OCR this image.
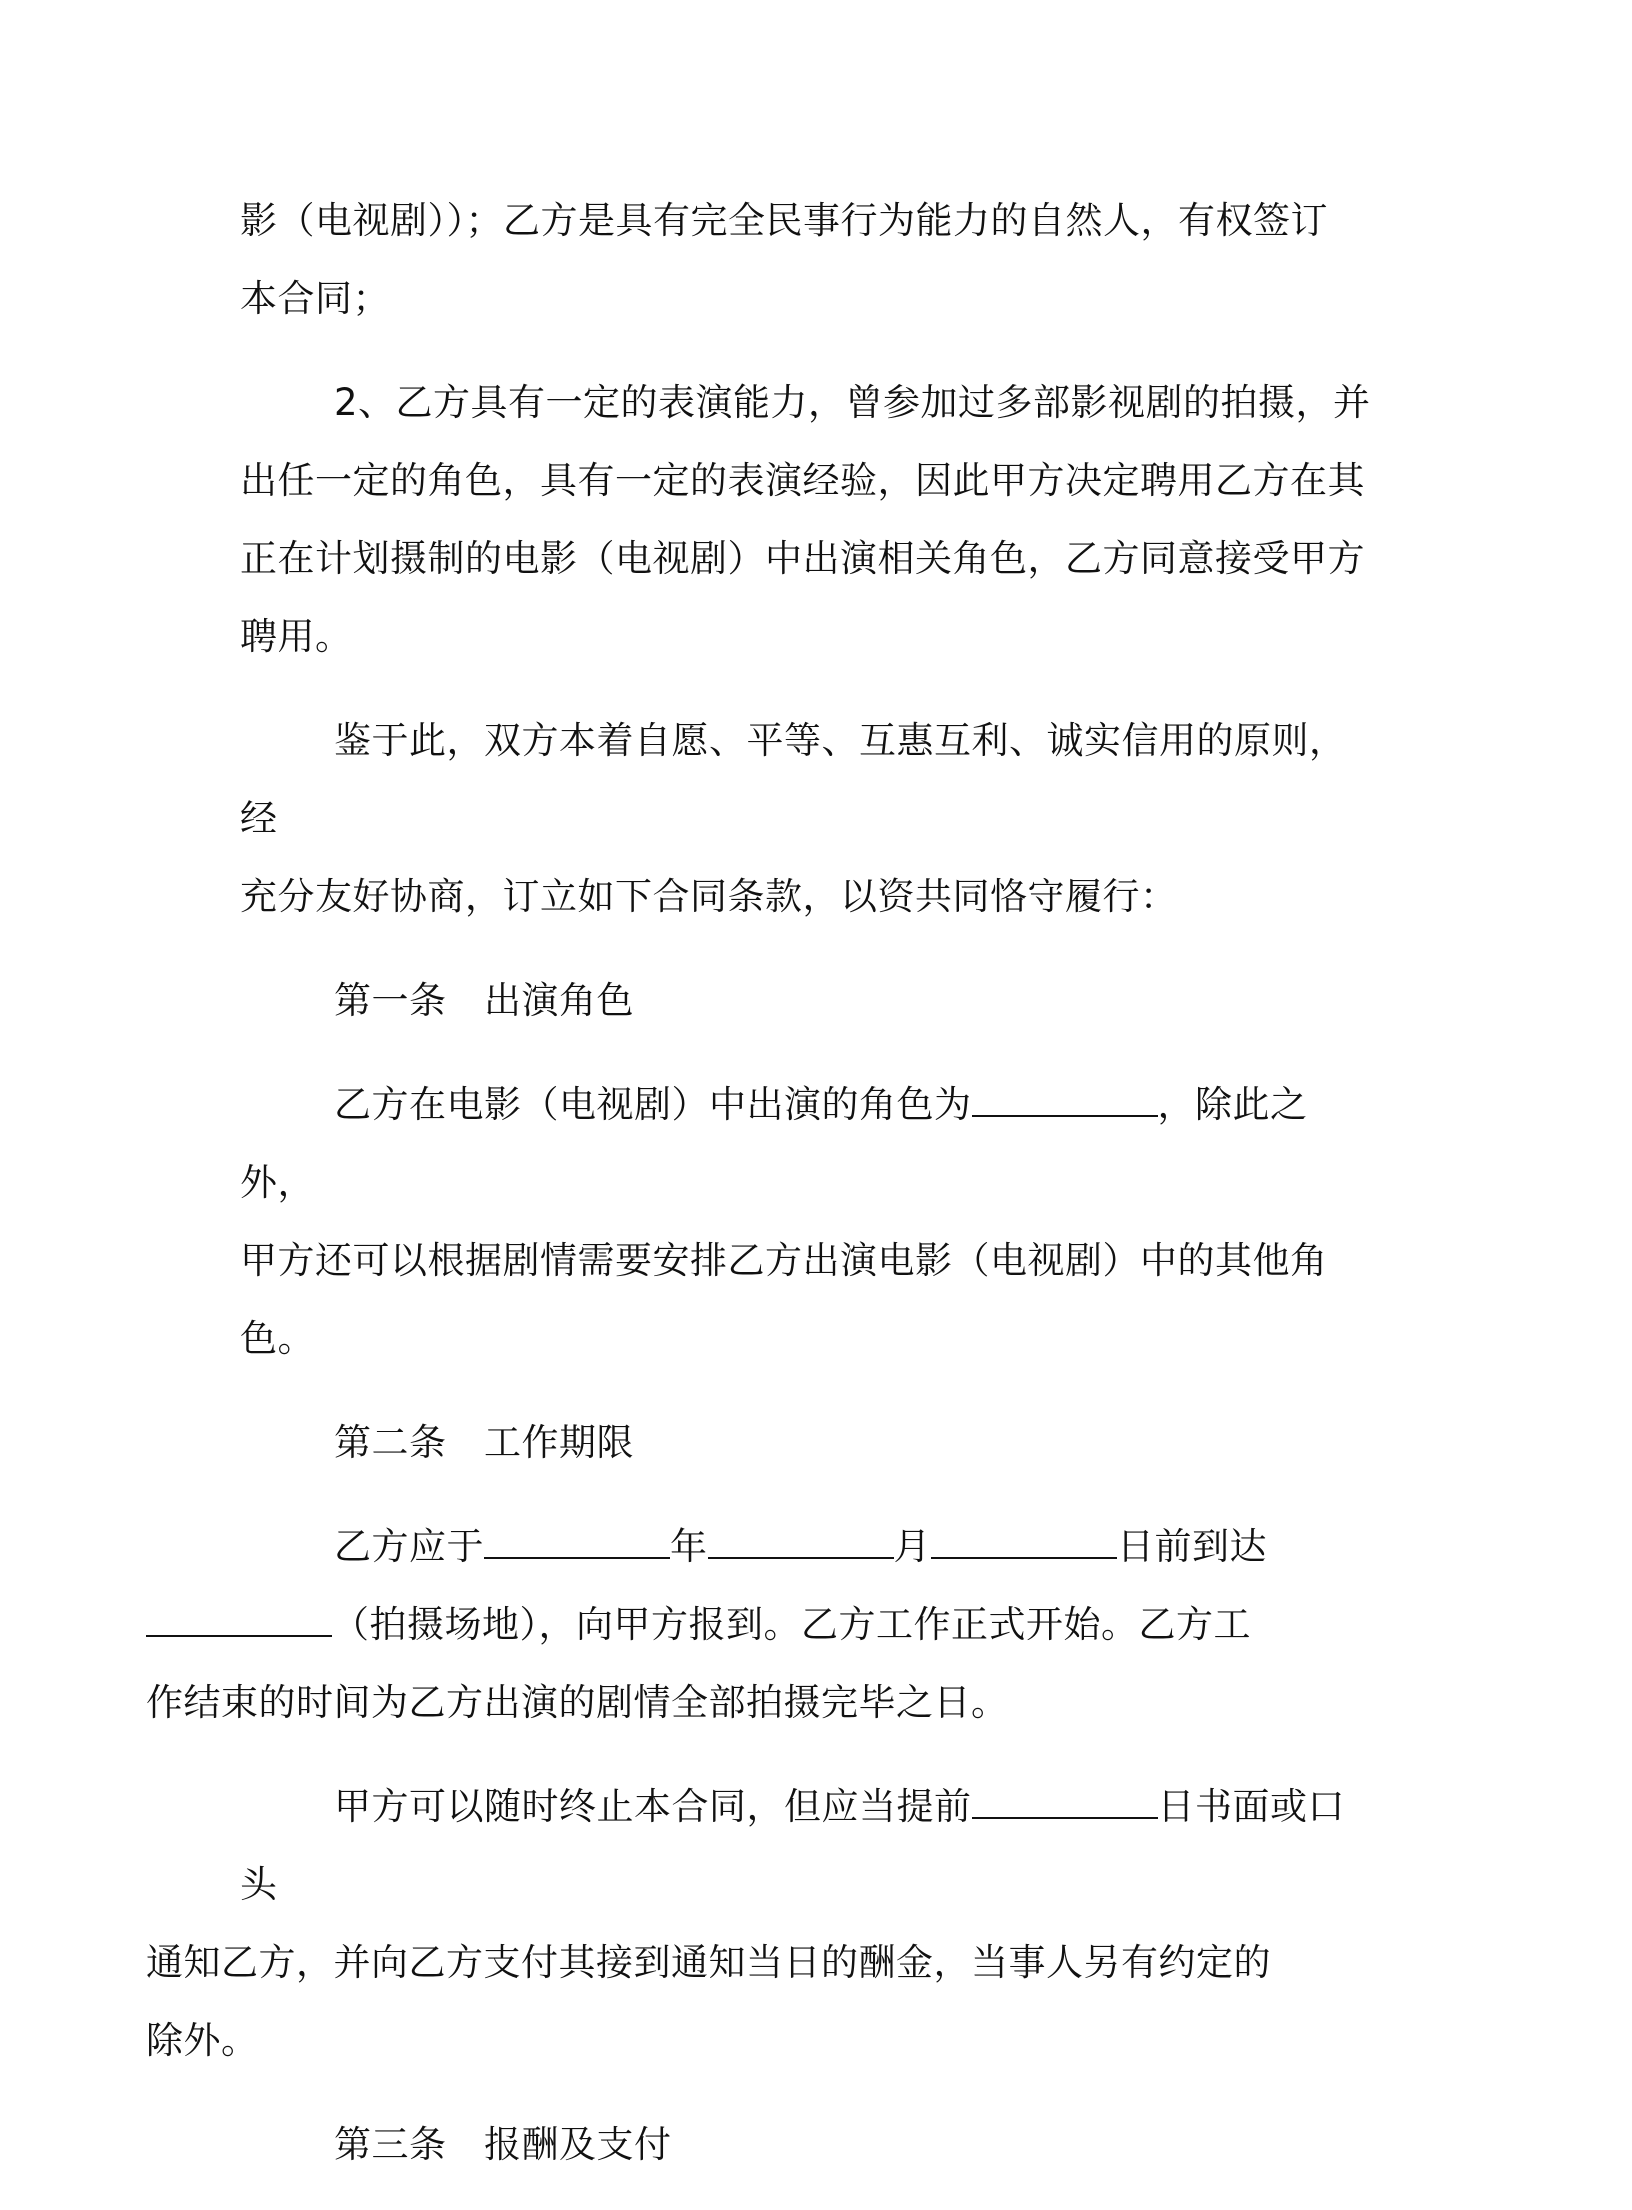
影（电视剧））；乙方是具有完全民事行为能力的自然人，有权签订
本合同；

2、乙方具有一定的表演能力，曾参加过多部影视剧的拍摄，并
出任一定的角色，具有一定的表演经验，因此甲方决定聘用乙方在其
正在计划摄制的电影（电视剧）中出演相关角色，乙方同意接受甲方
聘用。

鉴于此，双方本着自愿、平等、互惠互利、诚实信用的原则，经
充分友好协商，订立如下合同条款，以资共同恪守履行：

第一条　出演角色

乙方在电影（电视剧）中出演的角色为	，除此之外，
甲方还可以根据剧情需要安排乙方出演电影（电视剧）中的其他角色。

第二条　工作期限

乙方应于	年	月	日前到达
（拍摄场地），向甲方报到。乙方工作正式开始。乙方工
作结束的时间为乙方出演的剧情全部拍摄完毕之日。

甲方可以随时终止本合同，但应当提前	日书面或口头
通知乙方，并向乙方支付其接到通知当日的酬金，当事人另有约定的
除外。

第三条　报酬及支付
